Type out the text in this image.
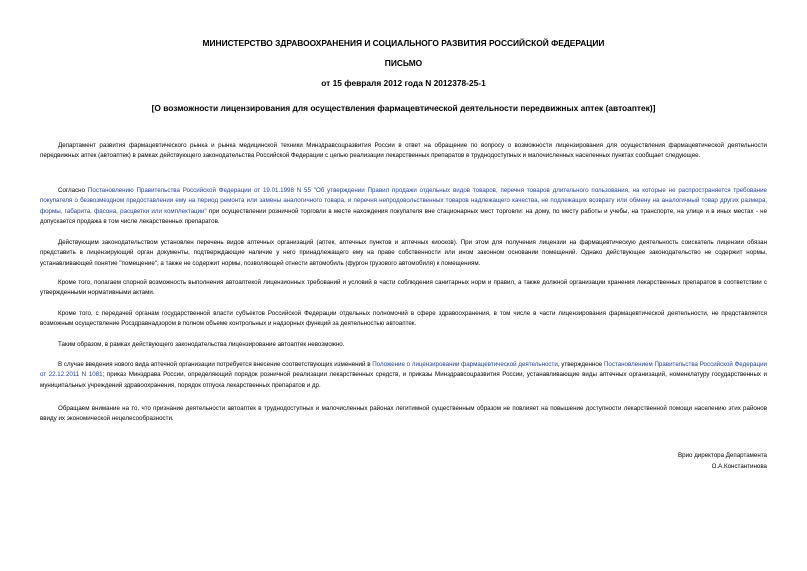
МИНИСТЕРСТВО ЗДРАВООХРАНЕНИЯ И СОЦИАЛЬНОГО РАЗВИТИЯ РОССИЙСКОЙ ФЕДЕРАЦИИ
ПИСЬМО
от 15 февраля 2012 года N 2012378-25-1
[О возможности лицензирования для осуществления фармацевтической деятельности передвижных аптек (автоаптек)]
Департамент развития фармацевтического рынка и рынка медицинской техники Минздравсоцразвития России в ответ на обращение по вопросу о возможности лицензирования для осуществления фармацевтической деятельности передвижных аптек (автоаптек) в рамках действующего законодательства Российской Федерации с целью реализации лекарственных препаратов в труднодоступных и малочисленных населенных пунктах сообщает следующее.
Согласно Постановлению Правительства Российской Федерации от 19.01.1998 N 55 "Об утверждении Правил продажи отдельных видов товаров, перечня товаров длительного пользования, на которые не распространяется требование покупателя о безвозмездном предоставлении ему на период ремонта или замены аналогичного товара, и перечня непродовольственных товаров надлежащего качества, не подлежащих возврату или обмену на аналогичный товар других размера, формы, габарита, фасона, расцветки или комплектации" при осуществлении розничной торговли в месте нахождения покупателя вне стационарных мест торговли: на дому, по месту работы и учебы, на транспорте, на улице и в иных местах - не допускается продажа в том числе лекарственных препаратов.
Действующим законодательством установлен перечень видов аптечных организаций (аптек, аптечных пунктов и аптечных киосков). При этом для получения лицензии на фармацевтическую деятельность соискатель лицензии обязан представить в лицензирующий орган документы, подтверждающие наличие у него принадлежащего ему на праве собственности или ином законном основании помещений. Однако действующее законодательство не содержит нормы, устанавливающей понятие "помещение", а также не содержит нормы, позволяющей отнести автомобиль (фургон грузового автомобиля) к помещениям.
Кроме того, полагаем спорной возможность выполнения автоаптекой лицензионных требований и условий в части соблюдения санитарных норм и правил, а также должной организации хранения лекарственных препаратов в соответствии с утвержденными нормативными актами.
Кроме того, с передачей органам государственной власти субъектов Российской Федерации отдельных полномочий в сфере здравоохранения, в том числе в части лицензирования фармацевтической деятельности, не представляется возможным осуществление Росздравнадзором в полном объеме контрольных и надзорных функций за деятельностью автоаптек.
Таким образом, в рамках действующего законодательства лицензирование автоаптек невозможно.
В случае введения нового вида аптечной организации потребуется внесение соответствующих изменений в Положение о лицензировании фармацевтической деятельности, утвержденное Постановлением Правительства Российской Федерации от 22.12.2011 N 1081; приказ Минздрава России, определяющий порядок розничной реализации лекарственных средств, и приказы Минздравсоцразвития России, устанавливающие виды аптечных организаций, номенклатуру государственных и муниципальных учреждений здравоохранения, порядок отпуска лекарственных препаратов и др.
Обращаем внимание на то, что признание деятельности автоаптек в труднодоступных и малочисленных районах легитимной существенным образом не повлияет на повышение доступности лекарственной помощи населению этих районов ввиду их экономической нецелесообразности.
Врио директора Департамента
О.А.Константинова
